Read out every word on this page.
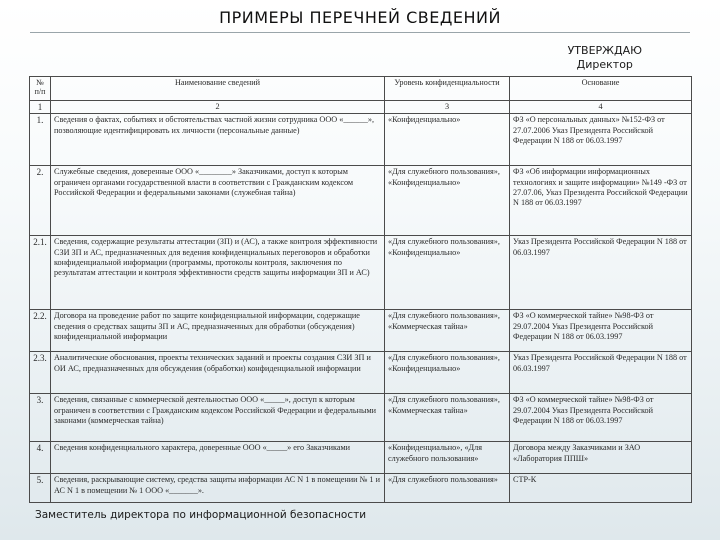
ПРИМЕРЫ ПЕРЕЧНЕЙ СВЕДЕНИЙ
УТВЕРЖДАЮ
Директор
№ п/п	Наименование сведений	Уровень конфиденциальности	Основание
1	2	3	4
1.	Сведения о фактах, событиях и обстоятельствах частной жизни сотрудника ООО «______», позволяющие идентифицировать их личности (персональные данные)	«Конфиденциально»	ФЗ «О персональных данных» №152-ФЗ от 27.07.2006 Указ Президента Российской Федерации N 188 от 06.03.1997
2.	Служебные сведения, доверенные ООО «________» Заказчиками, доступ к которым ограничен органами государственной власти в соответствии с Гражданским кодексом Российской Федерации и федеральными законами (служебная тайна)	«Для служебного пользования», «Конфиденциально»	ФЗ «Об информации информационных технологиях и защите информации» №149 -ФЗ от 27.07.06, Указ Президента Российской Федерации N 188 от 06.03.1997
2.1.	Сведения, содержащие результаты аттестации (ЗП) и (АС), а также контроля эффективности СЗИ ЗП и АС, предназначенных для ведения конфиденциальных переговоров и обработки конфиденциальной информации (программы, протоколы контроля, заключения по результатам аттестации и контроля эффективности средств защиты информации ЗП и АС)	«Для служебного пользования», «Конфиденциально»	Указ Президента Российской Федерации N 188 от 06.03.1997
2.2.	Договора на проведение работ по защите конфиденциальной информации, содержащие сведения о средствах защиты ЗП и АС, предназначенных для обработки (обсуждения) конфиденциальной информации	«Для служебного пользования», «Коммерческая тайна»	ФЗ «О коммерческой тайне» №98-ФЗ от 29.07.2004 Указ Президента Российской Федерации N 188 от 06.03.1997
2.3.	Аналитические обоснования, проекты технических заданий и проекты создания СЗИ ЗП и ОИ АС, предназначенных для обсуждения (обработки) конфиденциальной информации	«Для служебного пользования», «Конфиденциально»	Указ Президента Российской Федерации N 188 от 06.03.1997
3.	Сведения, связанные с коммерческой деятельностью ООО «_____», доступ к которым ограничен в соответствии с Гражданским кодексом Российской Федерации и федеральными законами (коммерческая тайна)	«Для служебного пользования», «Коммерческая тайна»	ФЗ «О коммерческой тайне» №98-ФЗ от 29.07.2004 Указ Президента Российской Федерации N 188 от 06.03.1997
4.	Сведения конфиденциального характера, доверенные ООО «_____» его Заказчиками	«Конфиденциально», «Для служебного пользования»	Договора между Заказчиками и ЗАО «Лаборатория ППШ»
5.	Сведения, раскрывающие систему, средства защиты информации АС N 1 в помещении № 1 и АС N 1 в помещении № 1 ООО «_______».	«Для служебного пользования»	СТР-К
Заместитель директора по информационной безопасности
